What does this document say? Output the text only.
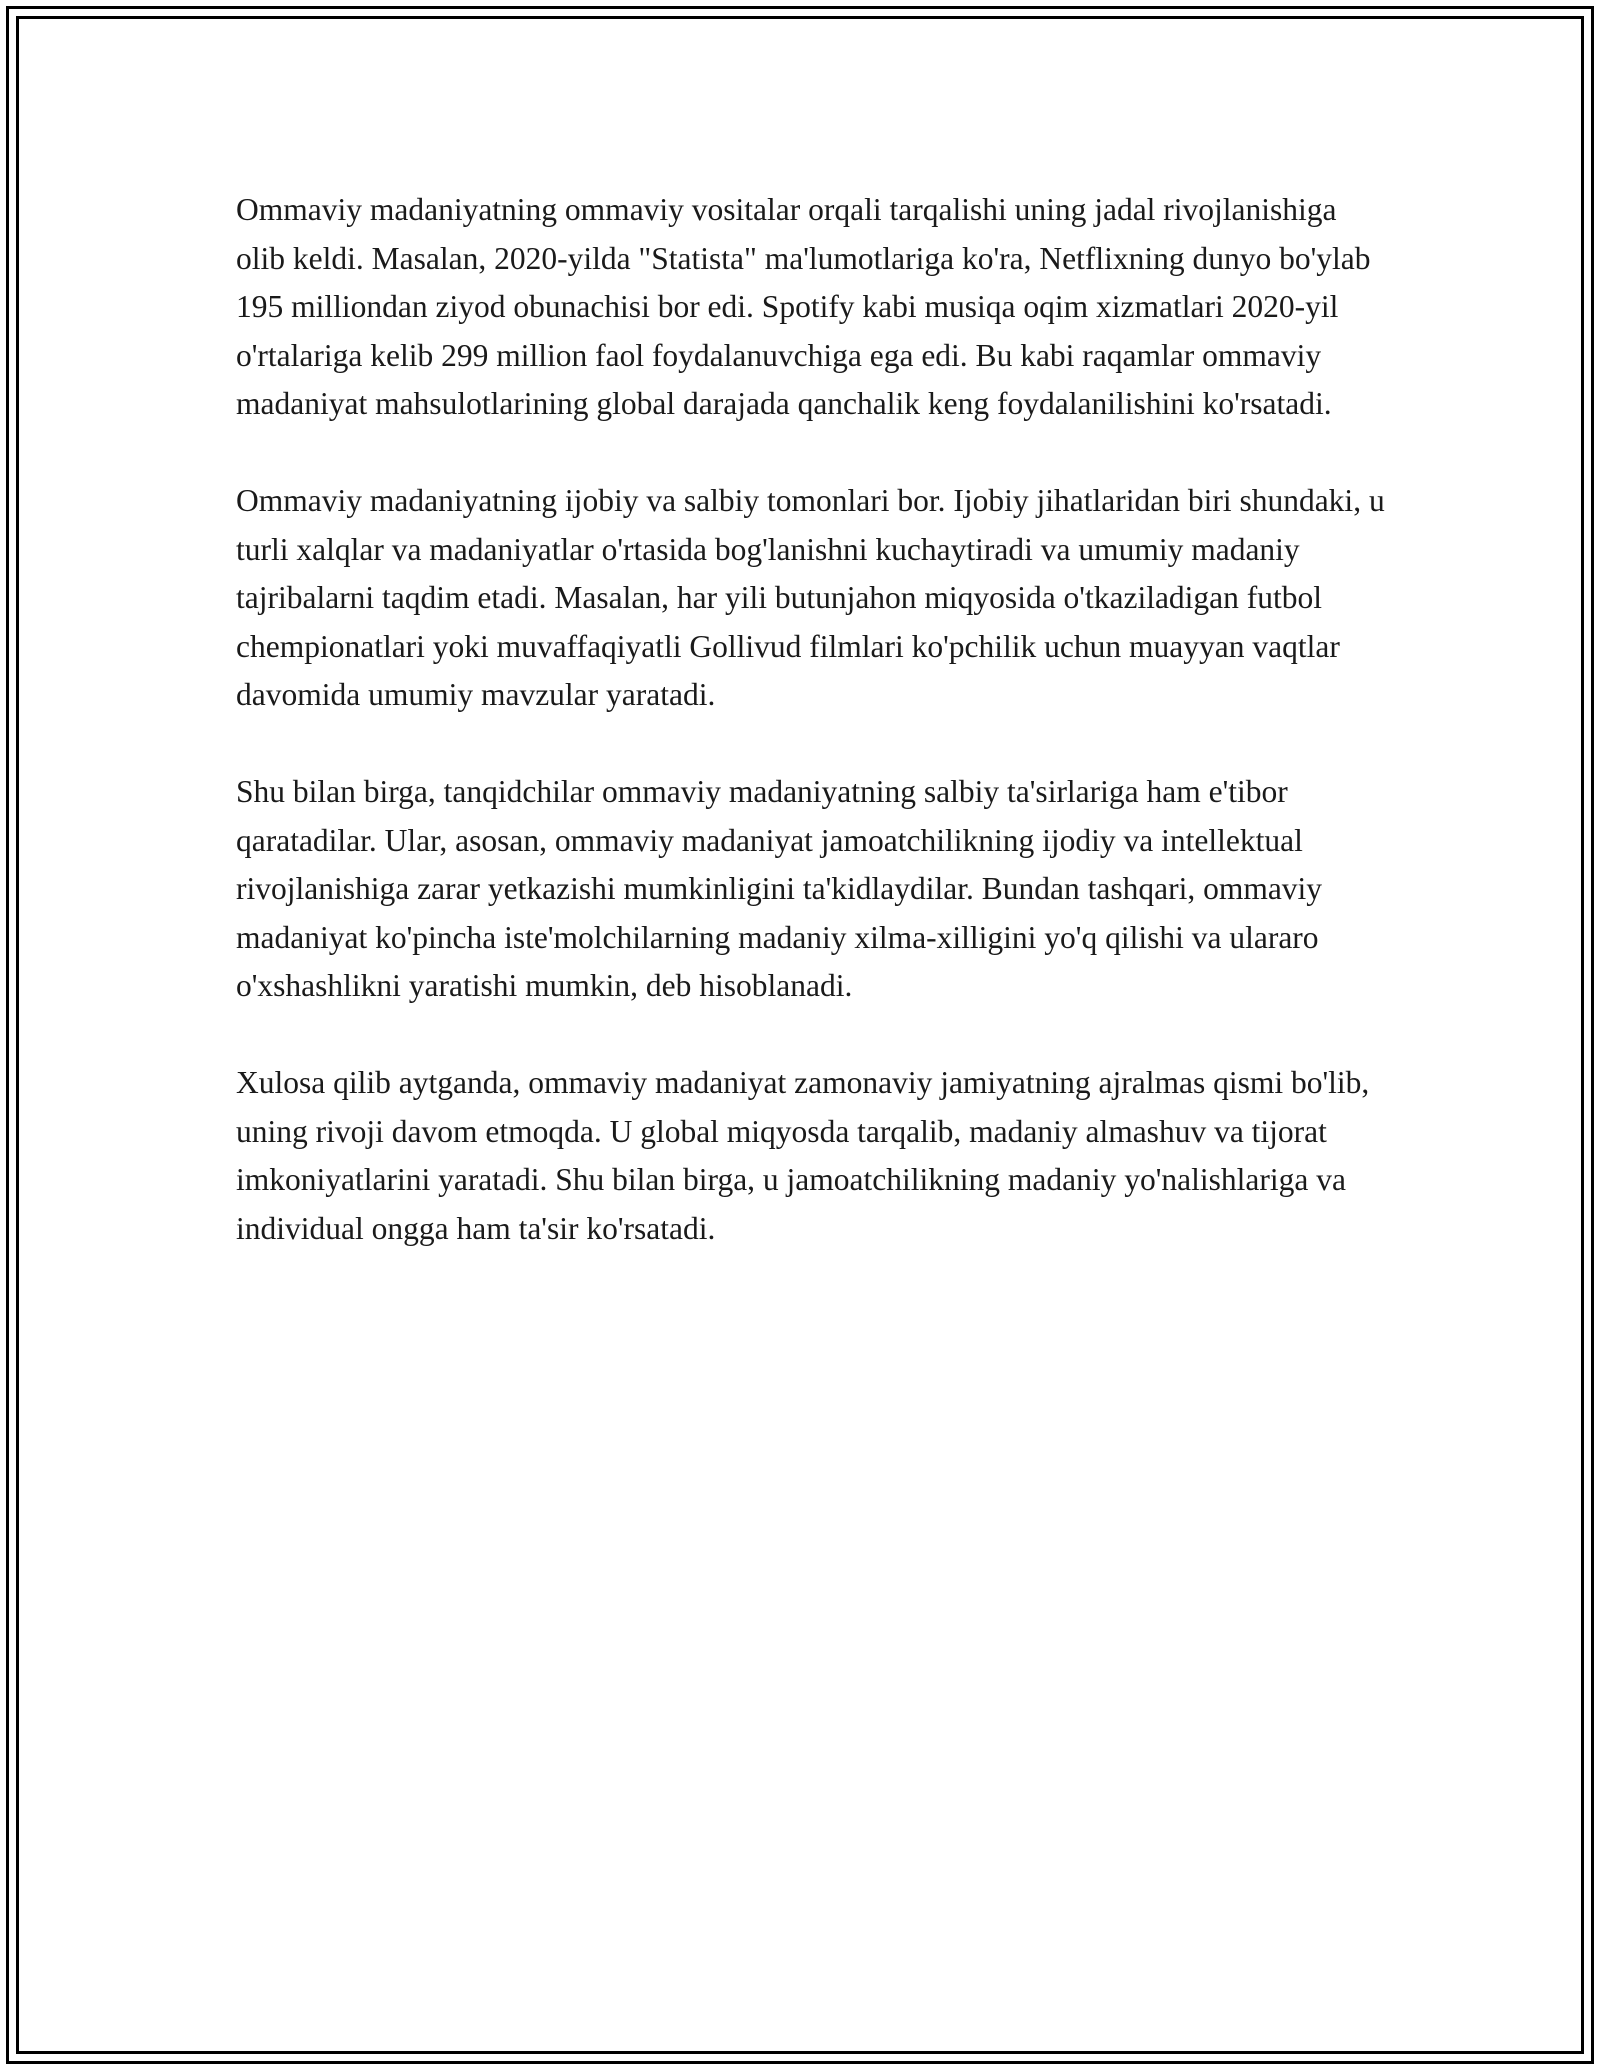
Ommaviy madaniyatning ommaviy vositalar orqali tarqalishi uning jadal rivojlanishiga olib keldi. Masalan, 2020-yilda "Statista" ma'lumotlariga ko'ra, Netflixning dunyo bo'ylab 195 milliondan ziyod obunachisi bor edi. Spotify kabi musiqa oqim xizmatlari 2020-yil o'rtalariga kelib 299 million faol foydalanuvchiga ega edi. Bu kabi raqamlar ommaviy madaniyat mahsulotlarining global darajada qanchalik keng foydalanilishini ko'rsatadi.

Ommaviy madaniyatning ijobiy va salbiy tomonlari bor. Ijobiy jihatlaridan biri shundaki, u turli xalqlar va madaniyatlar o'rtasida bog'lanishni kuchaytiradi va umumiy madaniy tajribalarni taqdim etadi. Masalan, har yili butunjahon miqyosida o'tkaziladigan futbol chempionatlari yoki muvaffaqiyatli Gollivud filmlari ko'pchilik uchun muayyan vaqtlar davomida umumiy mavzular yaratadi.

Shu bilan birga, tanqidchilar ommaviy madaniyatning salbiy ta'sirlariga ham e'tibor qaratadilar. Ular, asosan, ommaviy madaniyat jamoatchilikning ijodiy va intellektual rivojlanishiga zarar yetkazishi mumkinligini ta'kidlaydilar. Bundan tashqari, ommaviy madaniyat ko'pincha iste'molchilarning madaniy xilma-xilligini yo'q qilishi va ulararo o'xshashlikni yaratishi mumkin, deb hisoblanadi.

Xulosa qilib aytganda, ommaviy madaniyat zamonaviy jamiyatning ajralmas qismi bo'lib, uning rivoji davom etmoqda. U global miqyosda tarqalib, madaniy almashuv va tijorat imkoniyatlarini yaratadi. Shu bilan birga, u jamoatchilikning madaniy yo'nalishlariga va individual ongga ham ta'sir ko'rsatadi.
